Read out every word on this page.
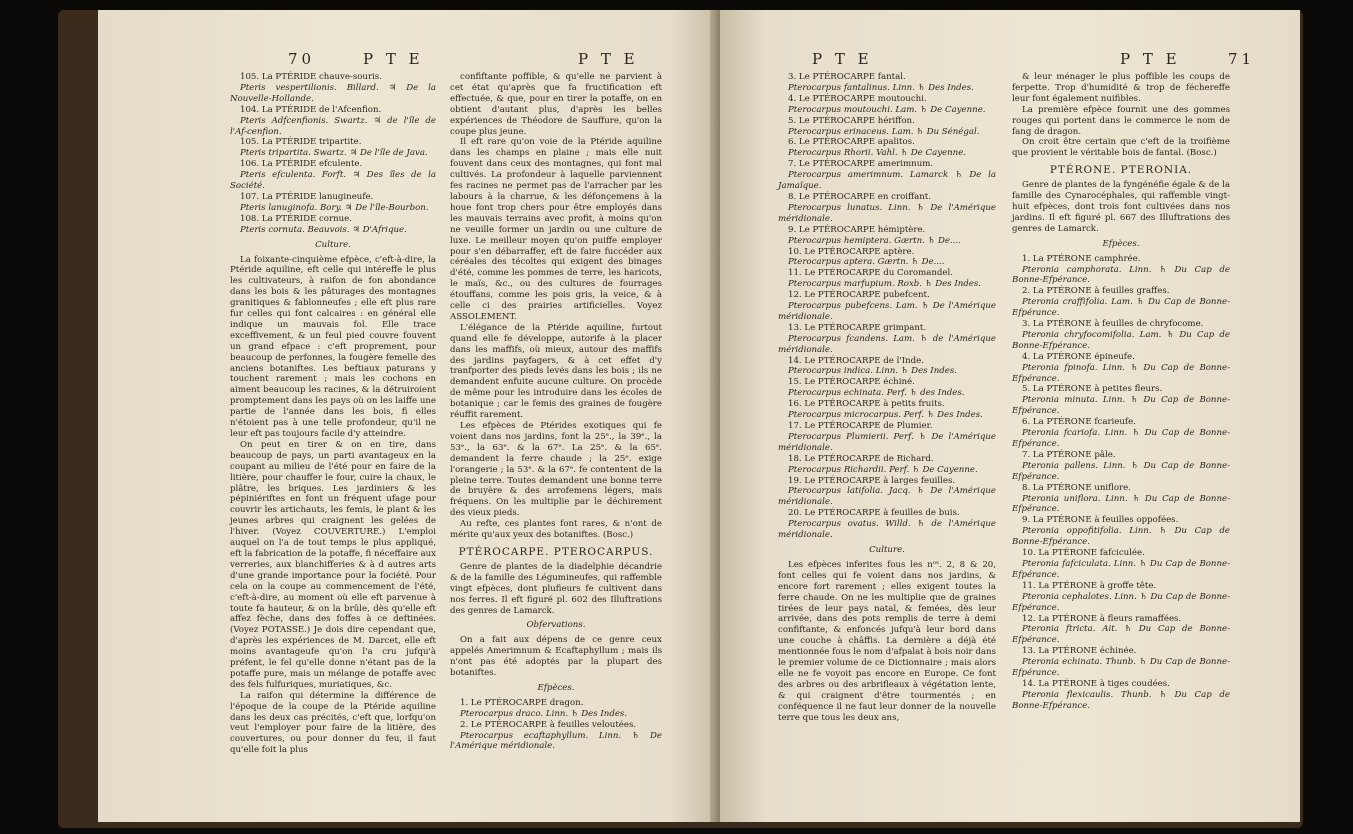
70	P T E	P T E

105. La PTÉRIDE chauve-souris.

Pteris vespertilionis. Billard. ♃ De la Nouvelle-Hollande.

104. La PTÉRIDE de l'Afcenfion.

Pteris Adfcenfionis. Swartz. ♃ de l'île de l'Af-cenfion.

105. La PTÉRIDE tripartite.

Pteris tripartita. Swartz. ♃ De l'île de Java.

106. La PTÉRIDE efculente.

Pteris efculenta. Forft. ♃ Des îles de la Société.

107. La PTÉRIDE lanugineufe.

Pteris lanuginofa. Bory. ♃ De l'île-Bourbon.

108. La PTÉRIDE cornue.

Pteris cornuta. Beauvois. ♃ D'Afrique.

Culture.

La foixante-cinquième efpèce, c'eft-à-dire, la Ptéride aquiline, eft celle qui intéreffe le plus les cultivateurs, à raifon de fon abondance dans les bois & les pâturages des montagnes granitiques & fablonneufes ; elle eft plus rare fur celles qui font calcaires : en général elle indique un mauvais fol. Elle trace exceffivement, & un feul pied couvre fouvent un grand efpace : c'eft proprement, pour beaucoup de perfonnes, la fougère femelle des anciens botaniftes. Les beftiaux paturans y touchent rarement ; mais les cochons en aiment beaucoup les racines, & la détruiroient promptement dans les pays où on les laiffe une partie de l'année dans les bois, fi elles n'étoient pas à une telle profondeur, qu'il ne leur eft pas toujours facile d'y atteindre.

On peut en tirer & on en tire, dans beaucoup de pays, un parti avantageux en la coupant au milieu de l'été pour en faire de la litière, pour chauffer le four, cuire la chaux, le plâtre, les briques. Les jardiniers & les pépiniériftes en font un fréquent ufage pour couvrir les artichauts, les femis, le plant & les jeunes arbres qui craignent les gelées de l'hiver. (Voyez COUVERTURE.) L'emploi auquel on l'a de tout temps le plus appliqué, eft la fabrication de la potaffe, fi néceffaire aux verreries, aux blanchifferies & à d autres arts d'une grande importance pour la fociété. Pour cela on la coupe au commencement de l'été, c'eft-à-dire, au moment où elle eft parvenue à toute fa hauteur, & on la brûle, dès qu'elle eft affez fèche, dans des foffes à ce deftinées. (Voyez POTASSE.) Je dois dire cependant que, d'après les expériences de M. Darcet, elle eft moins avantageufe qu'on l'a cru jufqu'à préfent, le fel qu'elle donne n'étant pas de la potaffe pure, mais un mélange de potaffe avec des fels fulfuriques, muriatiques, &c.

La raifon qui détermine la différence de l'époque de la coupe de la Ptéride aquiline dans les deux cas précités, c'eft que, lorfqu'on veut l'employer pour faire de la litière, des couvertures, ou pour donner du feu, il faut qu'elle foit la plus

confiftante poffible, & qu'elle ne parvient à cet état qu'après que fa fructification eft effectuée, & que, pour en tirer la potaffe, on en obtient d'autant plus, d'après les belles expériences de Théodore de Sauffure, qu'on la coupe plus jeune.

Il eft rare qu'on voie de la Ptéride aquiline dans les champs en plaine ; mais elle nuit fouvent dans ceux des montagnes, qui font mal cultivés. La profondeur à laquelle parviennent fes racines ne permet pas de l'arracher par les labours à la charrue, & les défonçemens à la houe font trop chers pour être employés dans les mauvais terrains avec profit, à moins qu'on ne veuille former un jardin ou une culture de luxe. Le meilleur moyen qu'on puiffe employer pour s'en débarraffer, eft de faire fuccéder aux céréales des técoltes qui exigent des binages d'été, comme les pommes de terre, les haricots, le maïs, &c., ou des cultures de fourrages étouffans, comme les pois gris, la veice, & à celle ci des prairies artificielles. Voyez ASSOLEMENT.

L'élégance de la Ptéride aquiline, furtout quand elle fe développe, autorife à la placer dans les maffifs, où mieux, autour des maffifs des jardins payfagers, & à cet effet d'y tranfporter des pieds levés dans les bois ; ils ne demandent enfuite aucune culture. On procède de même pour les introduire dans les écoles de botanique ; car le femis des graines de fougère réuffit rarement.

Les efpèces de Ptérides exotiques qui fe voient dans nos jardins, font la 25ᵉ., la 39ᵉ., la 53ᵉ., la 63ᵉ. & la 67ᵉ. La 25ᵉ. & la 65ᵉ. demandent la ferre chaude ; la 25ᵉ. exige l'orangerie ; la 53ᵉ. & la 67ᵉ. fe contentent de la pleine terre. Toutes demandent une bonne terre de bruyère & des arrofemens légers, mais fréquens. On les multiplie par le déchirement des vieux pieds.

Au refte, ces plantes font rares, & n'ont de mérite qu'aux yeux des botaniftes. (Bosc.)

PTÉROCARPE. PTEROCARPUS.

Genre de plantes de la diadelphie décandrie & de la famille des Légumineufes, qui raffemble vingt efpèces, dont plufieurs fe cultivent dans nos ferres. Il eft figuré pl. 602 des Illuftrations des genres de Lamarck.

Obfervations.

On a fait aux dépens de ce genre ceux appelés Amerimnum & Ecaftaphyllum ; mais ils n'ont pas été adoptés par la plupart des botaniftes.

Efpèces.

1. Le PTÉROCARPE dragon.

Pterocarpus draco. Linn. ♄ Des Indes.

2. Le PTÉROCARPE à feuilles veloutées.

Pterocarpus ecaftaphyllum. Linn. ♄ De l'Amérique méridionale.

P T E	P T E	71

3. Le PTÉROCARPE fantal.

Pterocarpus fantalinus. Linn. ♄ Des Indes.

4. Le PTÉROCARPE moutouchi.

Pterocarpus moutouchi. Lam. ♄ De Cayenne.

5. Le PTÉROCARPE hériffon.

Pterocarpus erinaceus. Lam. ♄ Du Sénégal.

6. Le PTÉROCARPE apalitos.

Pterocarpus Rhorii. Vahl. ♄ De Cayenne.

7. Le PTÉROCARPE amerimnum.

Pterocarpus amerimnum. Lamarck ♄ De la Jamaïque.

8. Le PTÉROCARPE en croiffant.

Pterocarpus lunatus. Linn. ♄ De l'Amérique méridionale.

9. Le PTÉROCARPE hémiptère.

Pterocarpus hemiptera. Gærtn. ♄ De....

10. Le PTÉROCARPE aptère.

Pterocarpus aptera. Gærtn. ♄ De....

11. Le PTÉROCARPE du Coromandel.

Pterocarpus marfupium. Roxb. ♄ Des Indes.

12. Le PTÉROCARPE pubefcent.

Pterocarpus pubefcens. Lam. ♄ De l'Amérique méridionale.

13. Le PTÉROCARPE grimpant.

Pterocarpus fcandens. Lam. ♄ de l'Amérique méridionale.

14. Le PTÉROCARPE de l'Inde.

Pterocarpus indica. Linn. ♄ Des Indes.

15. Le PTÉROCARPE échiné.

Pterocarpus echinata. Perf. ♄ des Indes.

16. Le PTÉROCARPE à petits fruits.

Pterocarpus microcarpus. Perf. ♄ Des Indes.

17. Le PTÉROCARPE de Plumier.

Pterocarpus Plumierii. Perf. ♄ De l'Amérique méridionale.

18. Le PTÉROCARPE de Richard.

Pterocarpus Richardii. Perf. ♄ De Cayenne.

19. Le PTÉROCARPE à larges feuilles.

Pterocarpus latifolia. Jacq. ♄ De l'Amérique méridionale.

20. Le PTÉROCARPE à feuilles de buis.

Pterocarpus ovatus. Willd. ♄ de l'Amérique méridionale.

Culture.

Les efpèces inferites fous les nᵒˢ. 2, 8 & 20, font celles qui fe voient dans nos jardins, & encore fort rarement ; elles exigent toutes la ferre chaude. On ne les multiplie que de graines tirées de leur pays natal, & femées, dès leur arrivée, dans des pots remplis de terre à demi confiftante, & enfoncés jufqu'à leur bord dans une couche à châffis. La dernière a déjà été mentionnée fous le nom d'afpalat à bois noir dans le premier volume de ce Dictionnaire ; mais alors elle ne fe voyoit pas encore en Europe. Ce font des arbres ou des arbrifleaux à végétation lente, & qui craignent d'être tourmentés ; en conféquence il ne faut leur donner de la nouvelle terre que tous les deux ans,

& leur ménager le plus poffible les coups de ferpette. Trop d'humidité & trop de féchereffe leur font également nuifibles.

La première efpèce fournit une des gommes rouges qui portent dans le commerce le nom de fang de dragon.

On croit être certain que c'eft de la troifième que provient le véritable bois de fantal. (Bosc.)

PTÉRONE. PTERONIA.

Genre de plantes de la fyngénéfie égale & de la famille des Cynarocéphales, qui raffemble vingt-huit efpèces, dont trois font cultivées dans nos jardins. Il eft figuré pl. 667 des Illuftrations des genres de Lamarck.

Efpèces.

1. La PTÉRONE camphrée.

Pteronia camphorata. Linn. ♄ Du Cap de Bonne-Efpérance.

2. La PTÉRONE à feuilles graffes.

Pteronia craffifolia. Lam. ♄ Du Cap de Bonne-Efpérance.

3. La PTÉRONE à feuilles de chryfocome.

Pteronia chryfocomifolia. Lam. ♄ Du Cap de Bonne-Efpérance.

4. La PTÉRONE épineufe.

Pteronia fpinofa. Linn. ♄ Du Cap de Bonne-Efpérance.

5. La PTÉRONE à petites fleurs.

Pteronia minuta. Linn. ♄ Du Cap de Bonne-Efpérance.

6. La PTÉRONE fcarieufe.

Pteronia fcariofa. Linn. ♄ Du Cap de Bonne-Efpérance.

7. La PTÉRONE pâle.

Pteronia pallens. Linn. ♄ Du Cap de Bonne-Efpérance.

8. La PTÉRONE uniflore.

Pteronia uniflora. Linn. ♄ Du Cap de Bonne-Efpérance.

9. La PTÉRONE à feuilles oppofées.

Pteronia oppofitifolia. Linn. ♄ Du Cap de Bonne-Efpérance.

10. La PTÉRONE fafciculée.

Pteronia fafciculata. Linn. ♄ Du Cap de Bonne-Efpérance.

11. La PTÉRONE à groffe tête.

Pteronia cephalotes. Linn. ♄ Du Cap de Bonne-Efpérance.

12. La PTÉRONE à fleurs ramaffées.

Pteronia ftricta. Ait. ♄ Du Cap de Bonne-Efpérance.

13. La PTÉRONE échinée.

Pteronia echinata. Thunb. ♄ Du Cap de Bonne-Efpérance.

14. La PTÉRONE à tiges coudées.

Pteronia flexicaulis. Thunb. ♄ Du Cap de Bonne-Efpérance.
